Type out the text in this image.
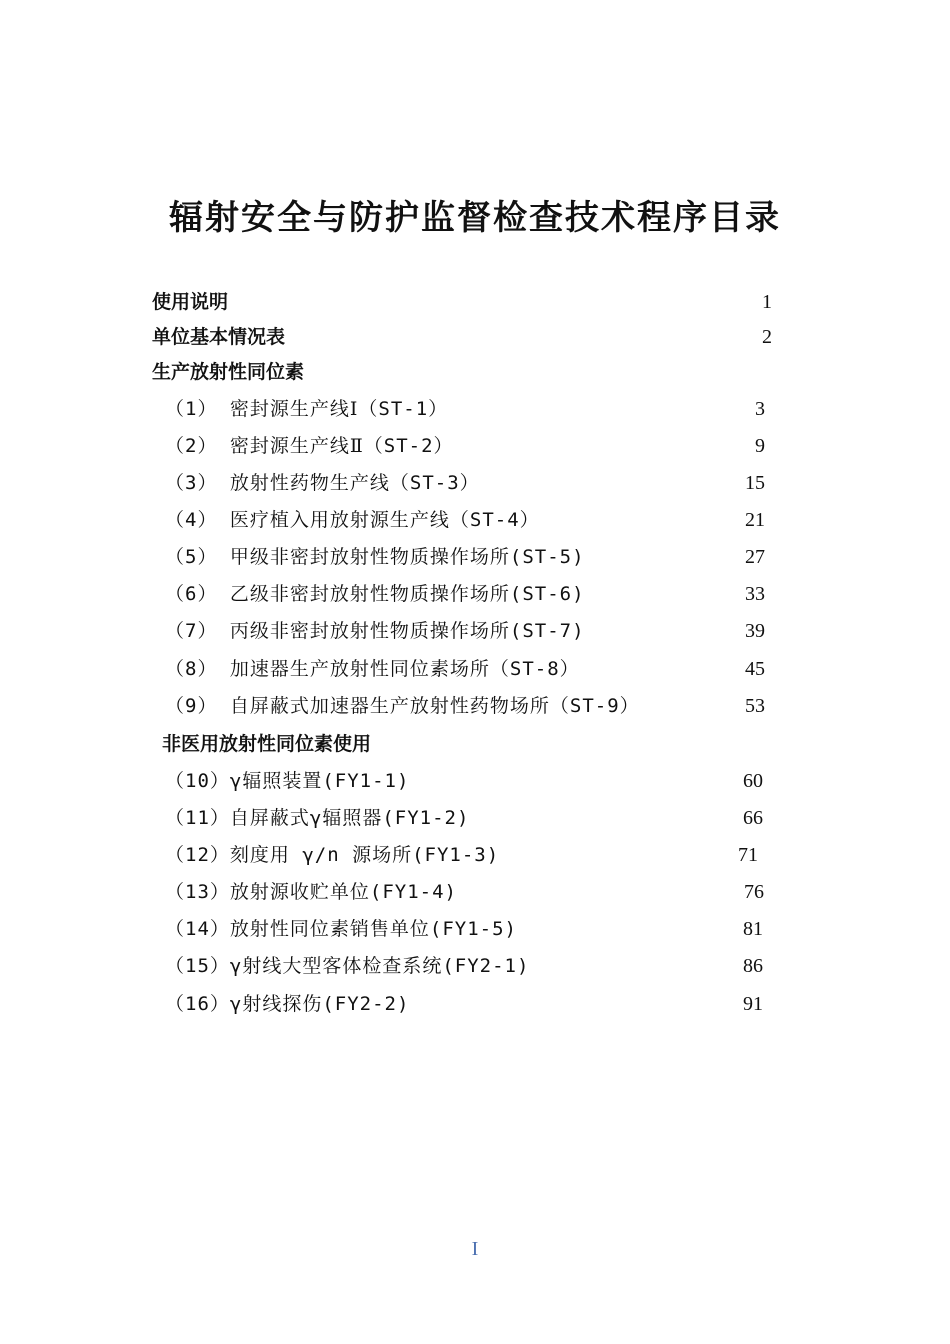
辐射安全与防护监督检查技术程序目录
使用说明	1
单位基本情况表	2
生产放射性同位素
（1） 密封源生产线Ⅰ（ST-1）	3
（2） 密封源生产线Ⅱ（ST-2）	9
（3） 放射性药物生产线（ST-3）	15
（4） 医疗植入用放射源生产线（ST-4）	21
（5） 甲级非密封放射性物质操作场所(ST-5)	27
（6） 乙级非密封放射性物质操作场所(ST-6)	33
（7） 丙级非密封放射性物质操作场所(ST-7)	39
（8） 加速器生产放射性同位素场所（ST-8）	45
（9） 自屏蔽式加速器生产放射性药物场所（ST-9）	53
非医用放射性同位素使用
（10）γ辐照装置(FY1-1)	60
（11）自屏蔽式γ辐照器(FY1-2)	66
（12）刻度用 γ/n 源场所(FY1-3)	71
（13）放射源收贮单位(FY1-4)	76
（14）放射性同位素销售单位(FY1-5)	81
（15）γ射线大型客体检查系统(FY2-1)	86
（16）γ射线探伤(FY2-2)	91
I
